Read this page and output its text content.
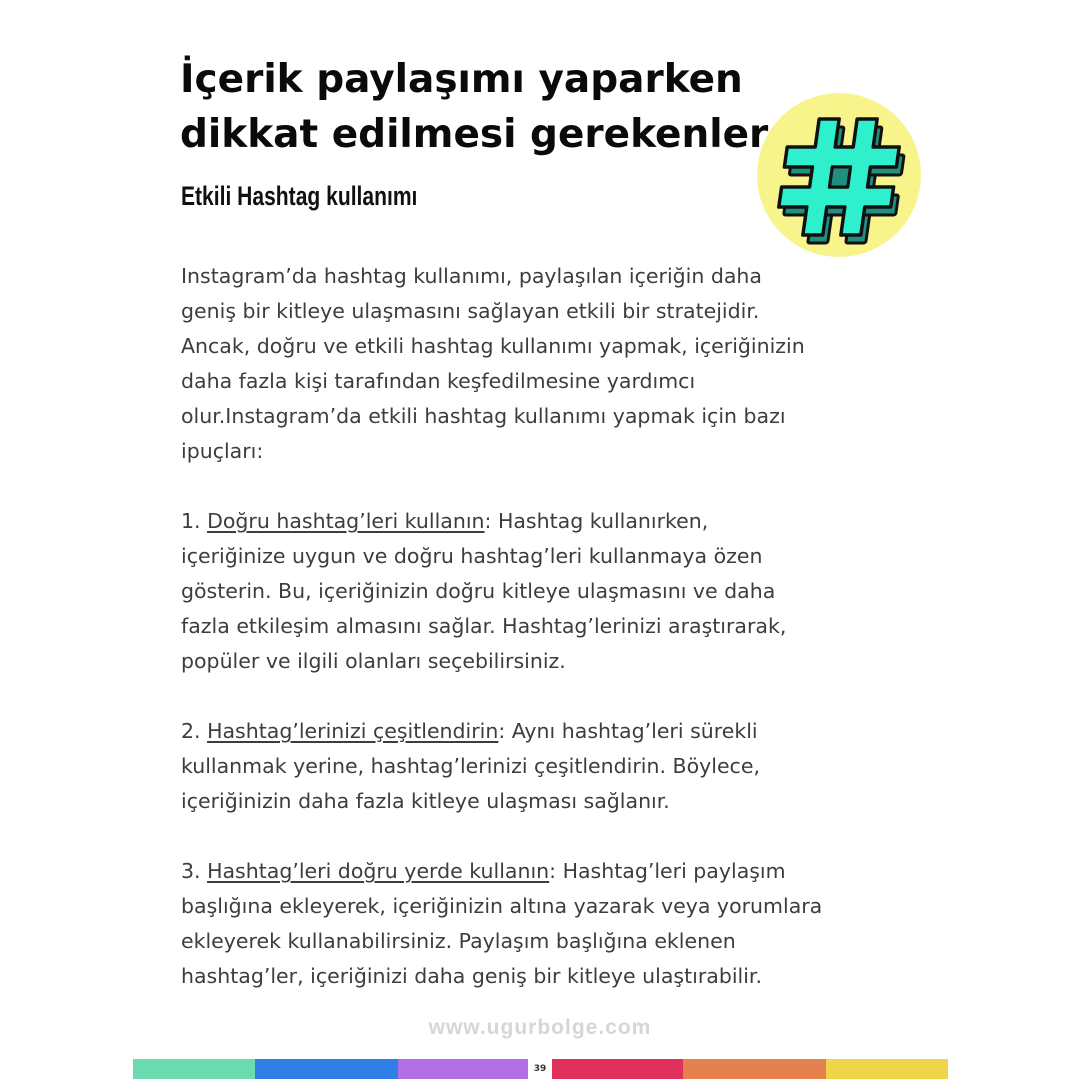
İçerik paylaşımı yaparken
dikkat edilmesi gerekenler
Etkili Hashtag kullanımı

Instagram’da hashtag kullanımı, paylaşılan içeriğin daha
geniş bir kitleye ulaşmasını sağlayan etkili bir stratejidir.
Ancak, doğru ve etkili hashtag kullanımı yapmak, içeriğinizin
daha fazla kişi tarafından keşfedilmesine yardımcı
olur.Instagram’da etkili hashtag kullanımı yapmak için bazı
ipuçları:

1. Doğru hashtag’leri kullanın: Hashtag kullanırken,
içeriğinize uygun ve doğru hashtag’leri kullanmaya özen
gösterin. Bu, içeriğinizin doğru kitleye ulaşmasını ve daha
fazla etkileşim almasını sağlar. Hashtag’lerinizi araştırarak,
popüler ve ilgili olanları seçebilirsiniz.

2. Hashtag’lerinizi çeşitlendirin: Aynı hashtag’leri sürekli
kullanmak yerine, hashtag’lerinizi çeşitlendirin. Böylece,
içeriğinizin daha fazla kitleye ulaşması sağlanır.

3. Hashtag’leri doğru yerde kullanın: Hashtag’leri paylaşım
başlığına ekleyerek, içeriğinizin altına yazarak veya yorumlara
ekleyerek kullanabilirsiniz. Paylaşım başlığına eklenen
hashtag’ler, içeriğinizi daha geniş bir kitleye ulaştırabilir.

www.ugurbolge.com
39
